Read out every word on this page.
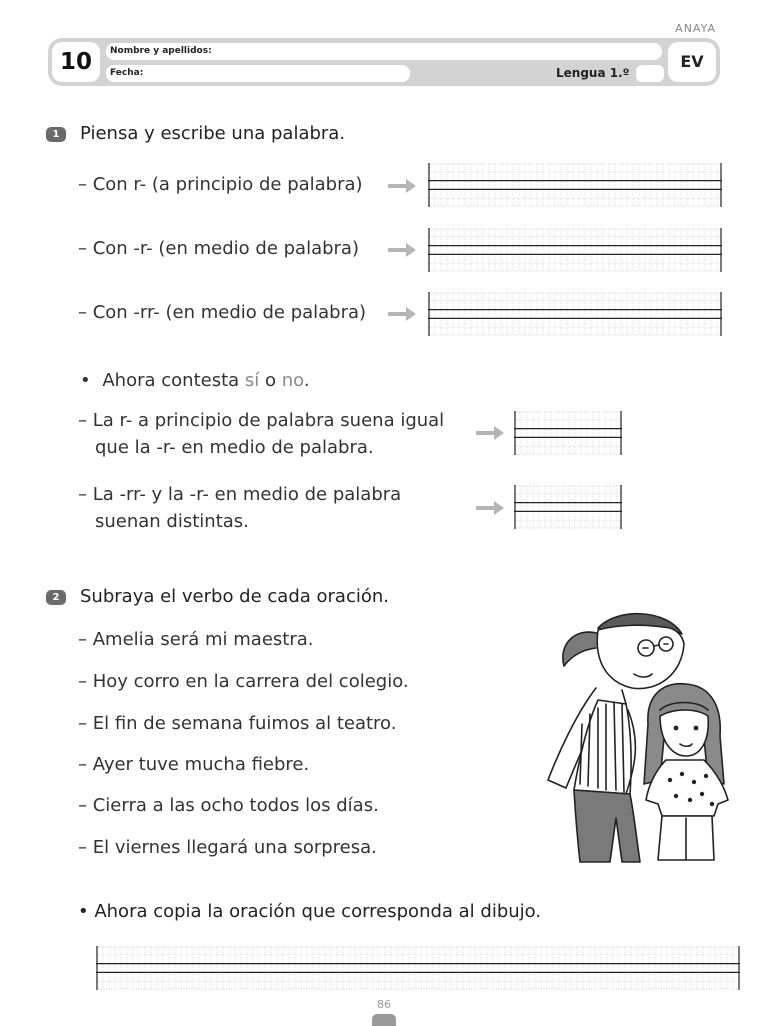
ANAYA
10	Nombre y apellidos:
Fecha:	Lengua 1.º
EV
1	Piensa y escribe una palabra.
– Con r- (a principio de palabra)
– Con -r- (en medio de palabra)
– Con -rr- (en medio de palabra)
• Ahora contesta sí o no.
– La r- a principio de palabra suena igual
que la -r- en medio de palabra.
– La -rr- y la -r- en medio de palabra
suenan distintas.
2	Subraya el verbo de cada oración.
– Amelia será mi maestra.
– Hoy corro en la carrera del colegio.
– El fin de semana fuimos al teatro.
– Ayer tuve mucha fiebre.
– Cierra a las ocho todos los días.
– El viernes llegará una sorpresa.
• Ahora copia la oración que corresponda al dibujo.
86
